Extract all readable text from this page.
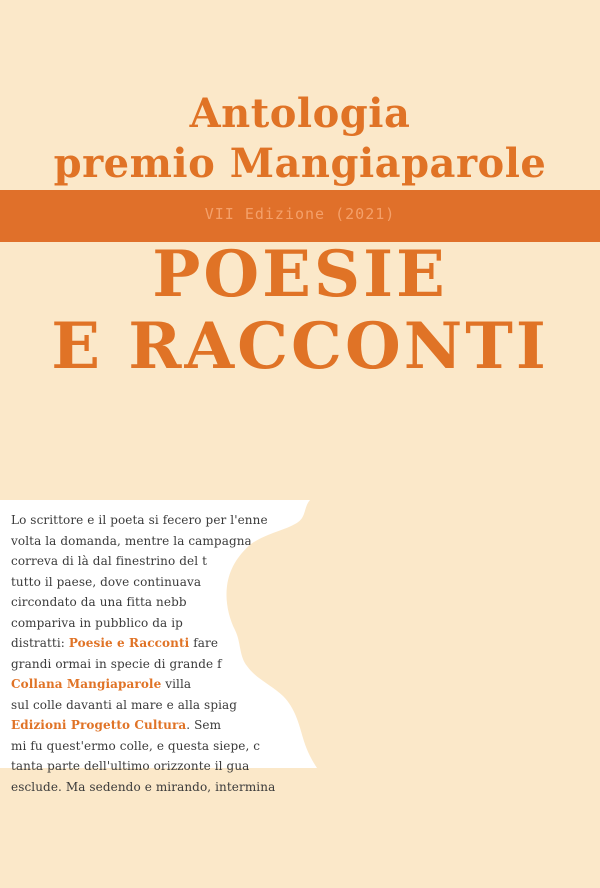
Antologia
premio Mangiaparole
VII Edizione (2021)
POESIE
E RACCONTI
Lo scrittore e il poeta si fecero per l'enne
volta la domanda, mentre la campagna
correva di là dal finestrino del t
tutto il paese, dove continuava
circondato da una fitta nebb
compariva in pubblico da ip
distratti: Poesie e Racconti fare
grandi ormai in specie di grande f
Collana Mangiaparole villa
sul colle davanti al mare e alla spiag
Edizioni Progetto Cultura. Sem
mi fu quest'ermo colle, e questa siepe, c
tanta parte dell'ultimo orizzonte il gua
esclude. Ma sedendo e mirando, intermina
